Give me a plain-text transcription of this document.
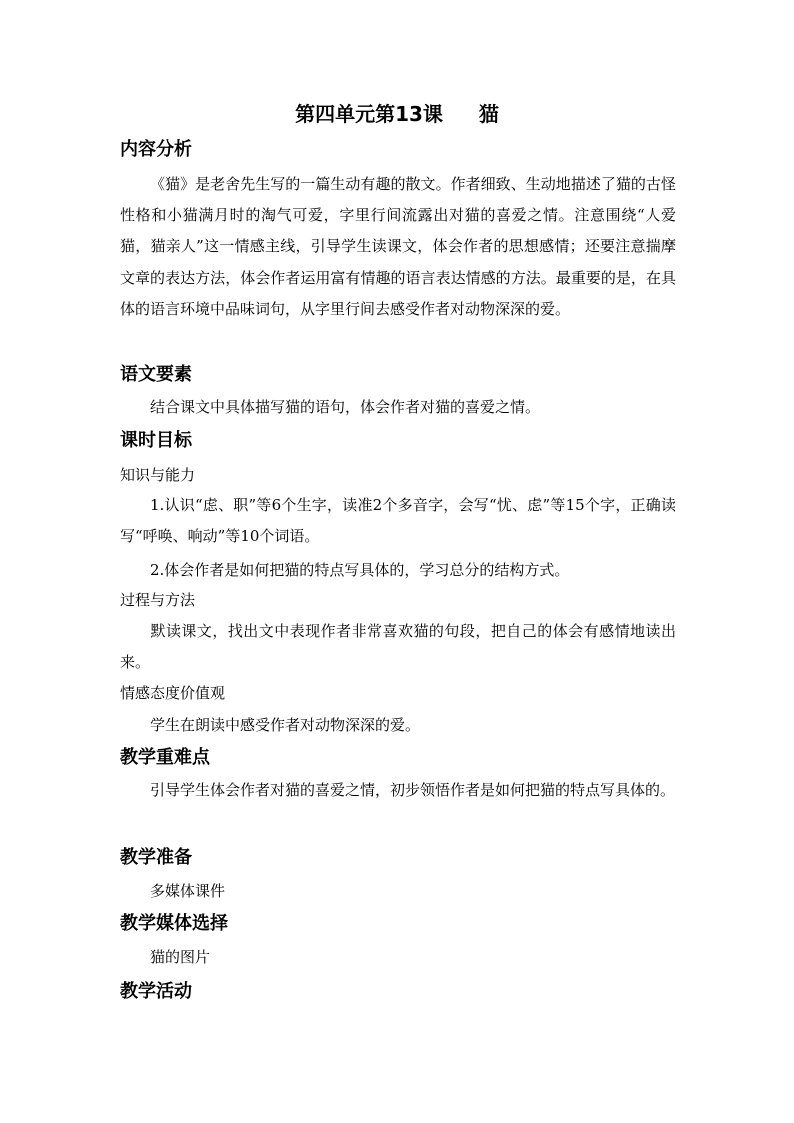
第四单元第13课 猫
内容分析
《猫》是老舍先生写的一篇生动有趣的散文。作者细致、生动地描述了猫的古怪性格和小猫满月时的淘气可爱，字里行间流露出对猫的喜爱之情。注意围绕“人爱猫，猫亲人”这一情感主线，引导学生读课文，体会作者的思想感情；还要注意揣摩文章的表达方法，体会作者运用富有情趣的语言表达情感的方法。最重要的是，在具体的语言环境中品味词句，从字里行间去感受作者对动物深深的爱。
语文要素
结合课文中具体描写猫的语句，体会作者对猫的喜爱之情。
课时目标
知识与能力
1.认识“虑、职”等6个生字，读准2个多音字，会写“忧、虑”等15个字，正确读写“呼唤、响动”等10个词语。
2.体会作者是如何把猫的特点写具体的，学习总分的结构方式。
过程与方法
默读课文，找出文中表现作者非常喜欢猫的句段，把自己的体会有感情地读出来。
情感态度价值观
学生在朗读中感受作者对动物深深的爱。
教学重难点
引导学生体会作者对猫的喜爱之情，初步领悟作者是如何把猫的特点写具体的。
教学准备
多媒体课件
教学媒体选择
猫的图片
教学活动
